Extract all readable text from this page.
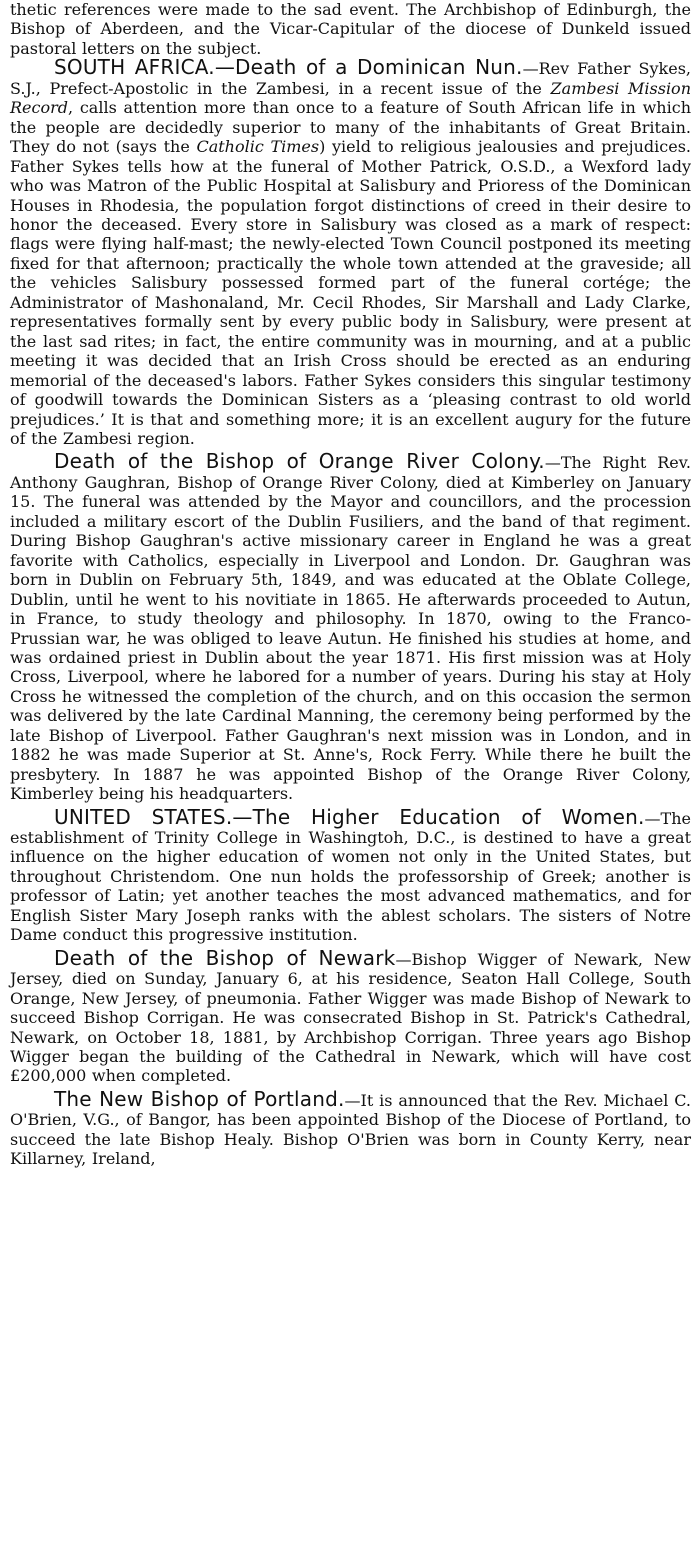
thetic references were made to the sad event. The Archbishop of Edinburgh, the Bishop of Aberdeen, and the Vicar-Capitular of the diocese of Dunkeld issued pastoral letters on the subject.

SOUTH AFRICA.—Death of a Dominican Nun.—Rev Father Sykes, S.J., Prefect-Apostolic in the Zambesi, in a recent issue of the Zambesi Mission Record, calls attention more than once to a feature of South African life in which the people are decidedly superior to many of the inhabitants of Great Britain. They do not (says the Catholic Times) yield to religious jealousies and prejudices. Father Sykes tells how at the funeral of Mother Patrick, O.S.D., a Wexford lady who was Matron of the Public Hospital at Salisbury and Prioress of the Dominican Houses in Rhodesia, the population forgot distinctions of creed in their desire to honor the deceased. Every store in Salisbury was closed as a mark of respect: flags were flying half-mast; the newly-elected Town Council postponed its meeting fixed for that afternoon; practically the whole town attended at the graveside; all the vehicles Salisbury possessed formed part of the funeral cortége; the Administrator of Mashonaland, Mr. Cecil Rhodes, Sir Marshall and Lady Clarke, representatives formally sent by every public body in Salisbury, were present at the last sad rites; in fact, the entire community was in mourning, and at a public meeting it was decided that an Irish Cross should be erected as an enduring memorial of the deceased's labors. Father Sykes considers this singular testimony of goodwill towards the Dominican Sisters as a ‘pleasing contrast to old world prejudices.’ It is that and something more; it is an excellent augury for the future of the Zambesi region.

Death of the Bishop of Orange River Colony.—The Right Rev. Anthony Gaughran, Bishop of Orange River Colony, died at Kimberley on January 15. The funeral was attended by the Mayor and councillors, and the procession included a military escort of the Dublin Fusiliers, and the band of that regiment. During Bishop Gaughran's active missionary career in England he was a great favorite with Catholics, especially in Liverpool and London. Dr. Gaughran was born in Dublin on February 5th, 1849, and was educated at the Oblate College, Dublin, until he went to his novitiate in 1865. He afterwards proceeded to Autun, in France, to study theology and philosophy. In 1870, owing to the Franco-Prussian war, he was obliged to leave Autun. He finished his studies at home, and was ordained priest in Dublin about the year 1871. His first mission was at Holy Cross, Liverpool, where he labored for a number of years. During his stay at Holy Cross he witnessed the completion of the church, and on this occasion the sermon was delivered by the late Cardinal Manning, the ceremony being performed by the late Bishop of Liverpool. Father Gaughran's next mission was in London, and in 1882 he was made Superior at St. Anne's, Rock Ferry. While there he built the presbytery. In 1887 he was appointed Bishop of the Orange River Colony, Kimberley being his headquarters.

UNITED STATES.—The Higher Education of Women.—The establishment of Trinity College in Washingtoh, D.C., is destined to have a great influence on the higher education of women not only in the United States, but throughout Christendom. One nun holds the professorship of Greek; another is professor of Latin; yet another teaches the most advanced mathematics, and for English Sister Mary Joseph ranks with the ablest scholars. The sisters of Notre Dame conduct this progressive institution.

Death of the Bishop of Newark—Bishop Wigger of Newark, New Jersey, died on Sunday, January 6, at his residence, Seaton Hall College, South Orange, New Jersey, of pneumonia. Father Wigger was made Bishop of Newark to succeed Bishop Corrigan. He was consecrated Bishop in St. Patrick's Cathedral, Newark, on October 18, 1881, by Archbishop Corrigan. Three years ago Bishop Wigger began the building of the Cathedral in Newark, which will have cost £200,000 when completed.

The New Bishop of Portland.—It is announced that the Rev. Michael C. O'Brien, V.G., of Bangor, has been appointed Bishop of the Diocese of Portland, to succeed the late Bishop Healy. Bishop O'Brien was born in County Kerry, near Killarney, Ireland,
